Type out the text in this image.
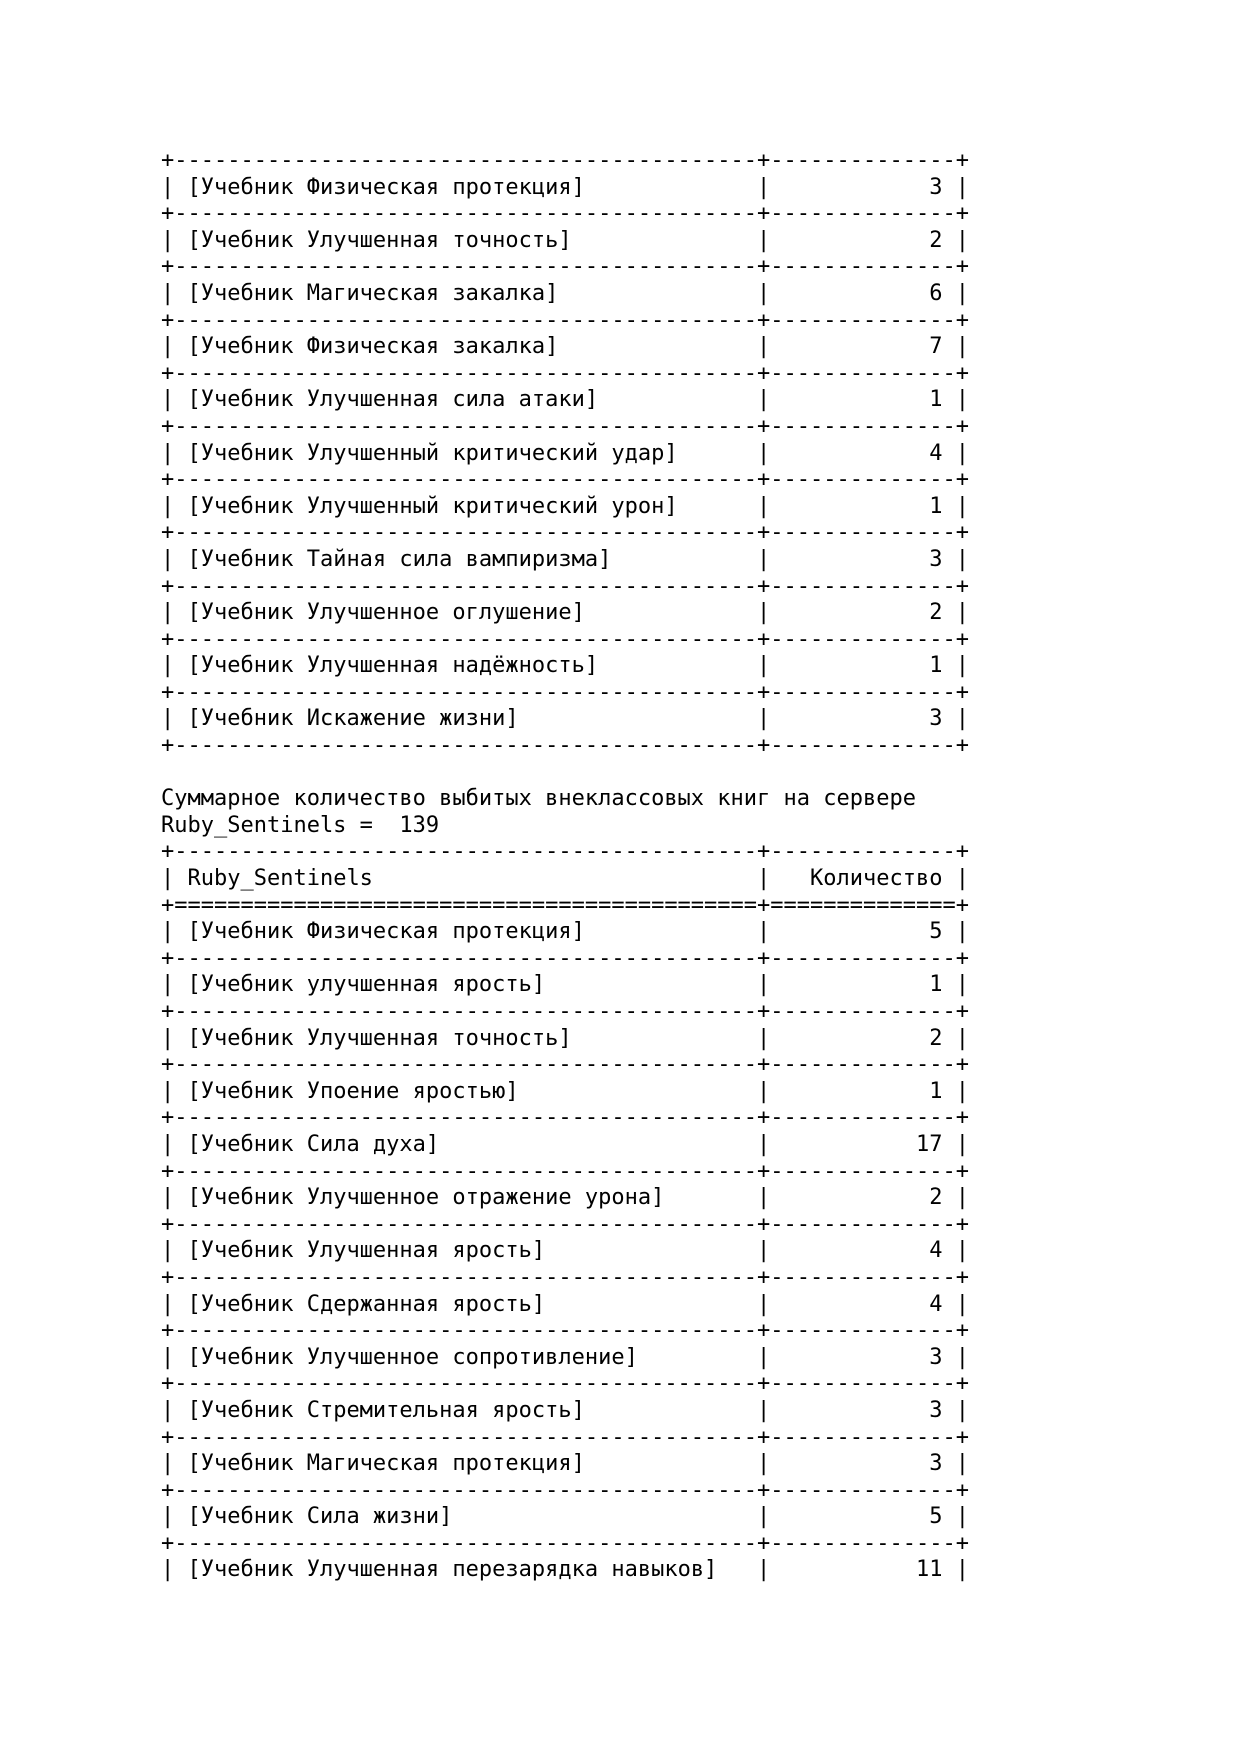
+--------------------------------------------+--------------+
| [Учебник Физическая протекция]             |            3 |
+--------------------------------------------+--------------+
| [Учебник Улучшенная точность]              |            2 |
+--------------------------------------------+--------------+
| [Учебник Магическая закалка]               |            6 |
+--------------------------------------------+--------------+
| [Учебник Физическая закалка]               |            7 |
+--------------------------------------------+--------------+
| [Учебник Улучшенная сила атаки]            |            1 |
+--------------------------------------------+--------------+
| [Учебник Улучшенный критический удар]      |            4 |
+--------------------------------------------+--------------+
| [Учебник Улучшенный критический урон]      |            1 |
+--------------------------------------------+--------------+
| [Учебник Тайная сила вампиризма]           |            3 |
+--------------------------------------------+--------------+
| [Учебник Улучшенное оглушение]             |            2 |
+--------------------------------------------+--------------+
| [Учебник Улучшенная надёжность]            |            1 |
+--------------------------------------------+--------------+
| [Учебник Искажение жизни]                  |            3 |
+--------------------------------------------+--------------+
Суммарное количество выбитых внеклассовых книг на сервере
Ruby_Sentinels =  139
+--------------------------------------------+--------------+
| Ruby_Sentinels                             |   Количество |
+============================================+==============+
| [Учебник Физическая протекция]             |            5 |
+--------------------------------------------+--------------+
| [Учебник улучшенная ярость]                |            1 |
+--------------------------------------------+--------------+
| [Учебник Улучшенная точность]              |            2 |
+--------------------------------------------+--------------+
| [Учебник Упоение яростью]                  |            1 |
+--------------------------------------------+--------------+
| [Учебник Сила духа]                        |           17 |
+--------------------------------------------+--------------+
| [Учебник Улучшенное отражение урона]       |            2 |
+--------------------------------------------+--------------+
| [Учебник Улучшенная ярость]                |            4 |
+--------------------------------------------+--------------+
| [Учебник Сдержанная ярость]                |            4 |
+--------------------------------------------+--------------+
| [Учебник Улучшенное сопротивление]         |            3 |
+--------------------------------------------+--------------+
| [Учебник Стремительная ярость]             |            3 |
+--------------------------------------------+--------------+
| [Учебник Магическая протекция]             |            3 |
+--------------------------------------------+--------------+
| [Учебник Сила жизни]                       |            5 |
+--------------------------------------------+--------------+
| [Учебник Улучшенная перезарядка навыков]   |           11 |
